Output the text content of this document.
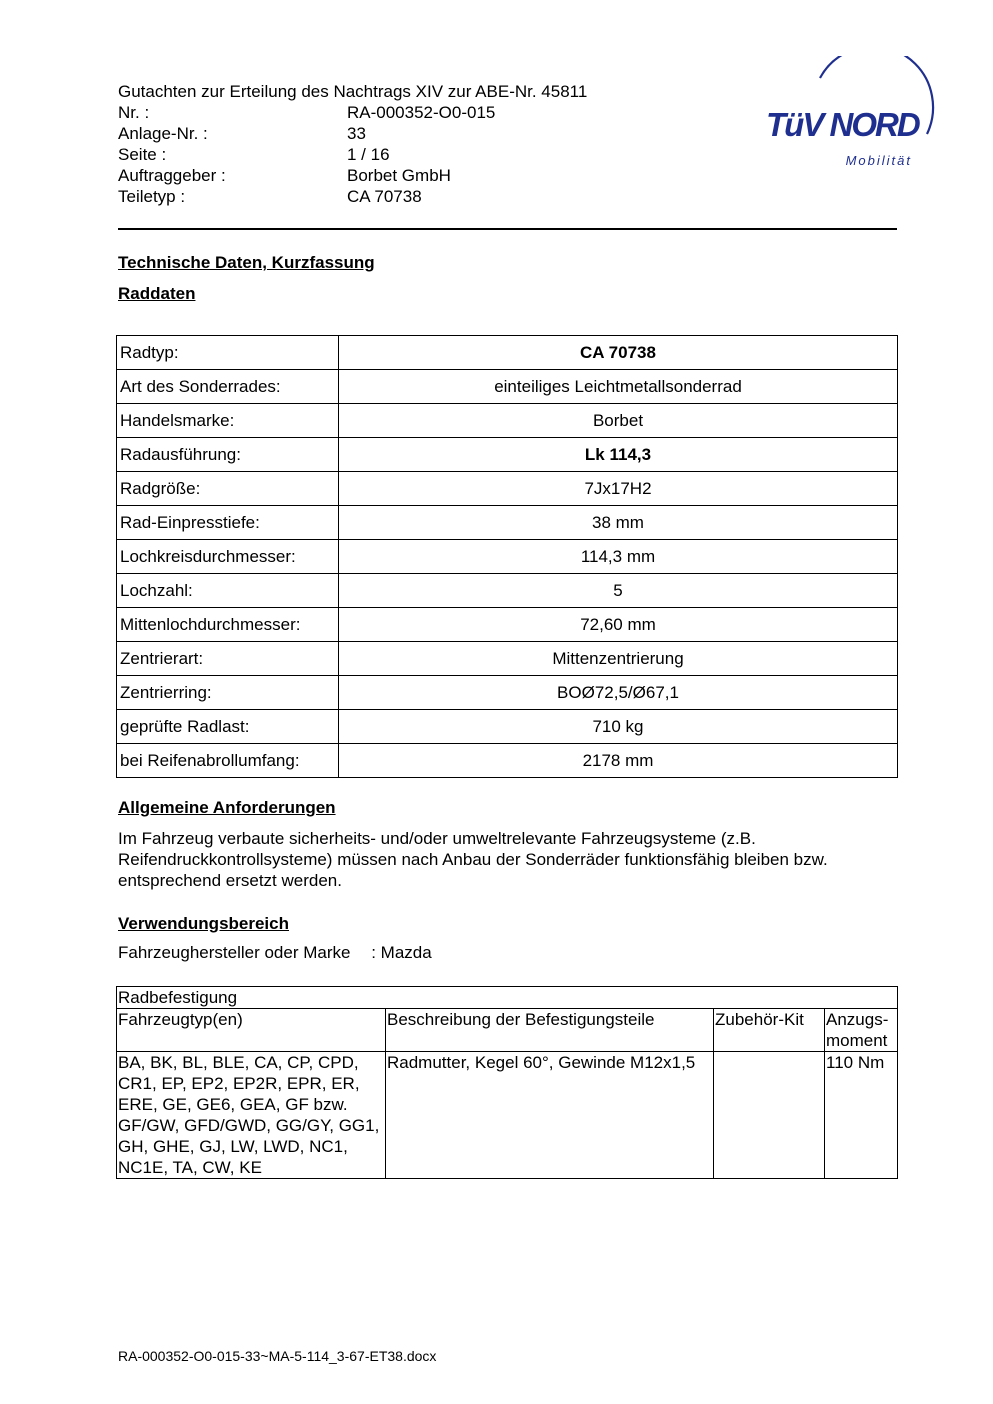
Gutachten zur Erteilung des Nachtrags XIV zur ABE-Nr. 45811
Nr. :	RA-000352-O0-015
Anlage-Nr. :	33
Seite :	1 / 16
Auftraggeber :	Borbet GmbH
Teiletyp :	CA 70738
TüV NORD
Mobilität
Technische Daten, Kurzfassung
Raddaten
Radtyp:	CA 70738
Art des Sonderrades:	einteiliges Leichtmetallsonderrad
Handelsmarke:	Borbet
Radausführung:	Lk 114,3
Radgröße:	7Jx17H2
Rad-Einpresstiefe:	38 mm
Lochkreisdurchmesser:	114,3 mm
Lochzahl:	5
Mittenlochdurchmesser:	72,60 mm
Zentrierart:	Mittenzentrierung
Zentrierring:	BOØ72,5/Ø67,1
geprüfte Radlast:	710 kg
bei Reifenabrollumfang:	2178 mm
Allgemeine Anforderungen
Im Fahrzeug verbaute sicherheits- und/oder umweltrelevante Fahrzeugsysteme (z.B. Reifendruckkontrollsysteme) müssen nach Anbau der Sonderräder funktionsfähig bleiben bzw. entsprechend ersetzt werden.
Verwendungsbereich
Fahrzeughersteller oder Marke : Mazda
Radbefestigung			
Fahrzeugtyp(en)	Beschreibung der Befestigungsteile	Zubehör-Kit	Anzugs-moment
BA, BK, BL, BLE, CA, CP, CPD, CR1, EP, EP2, EP2R, EPR, ER, ERE, GE, GE6, GEA, GF bzw. GF/GW, GFD/GWD, GG/GY, GG1, GH, GHE, GJ, LW, LWD, NC1, NC1E, TA, CW, KE	Radmutter, Kegel 60°, Gewinde M12x1,5		110 Nm
RA-000352-O0-015-33~MA-5-114_3-67-ET38.docx
